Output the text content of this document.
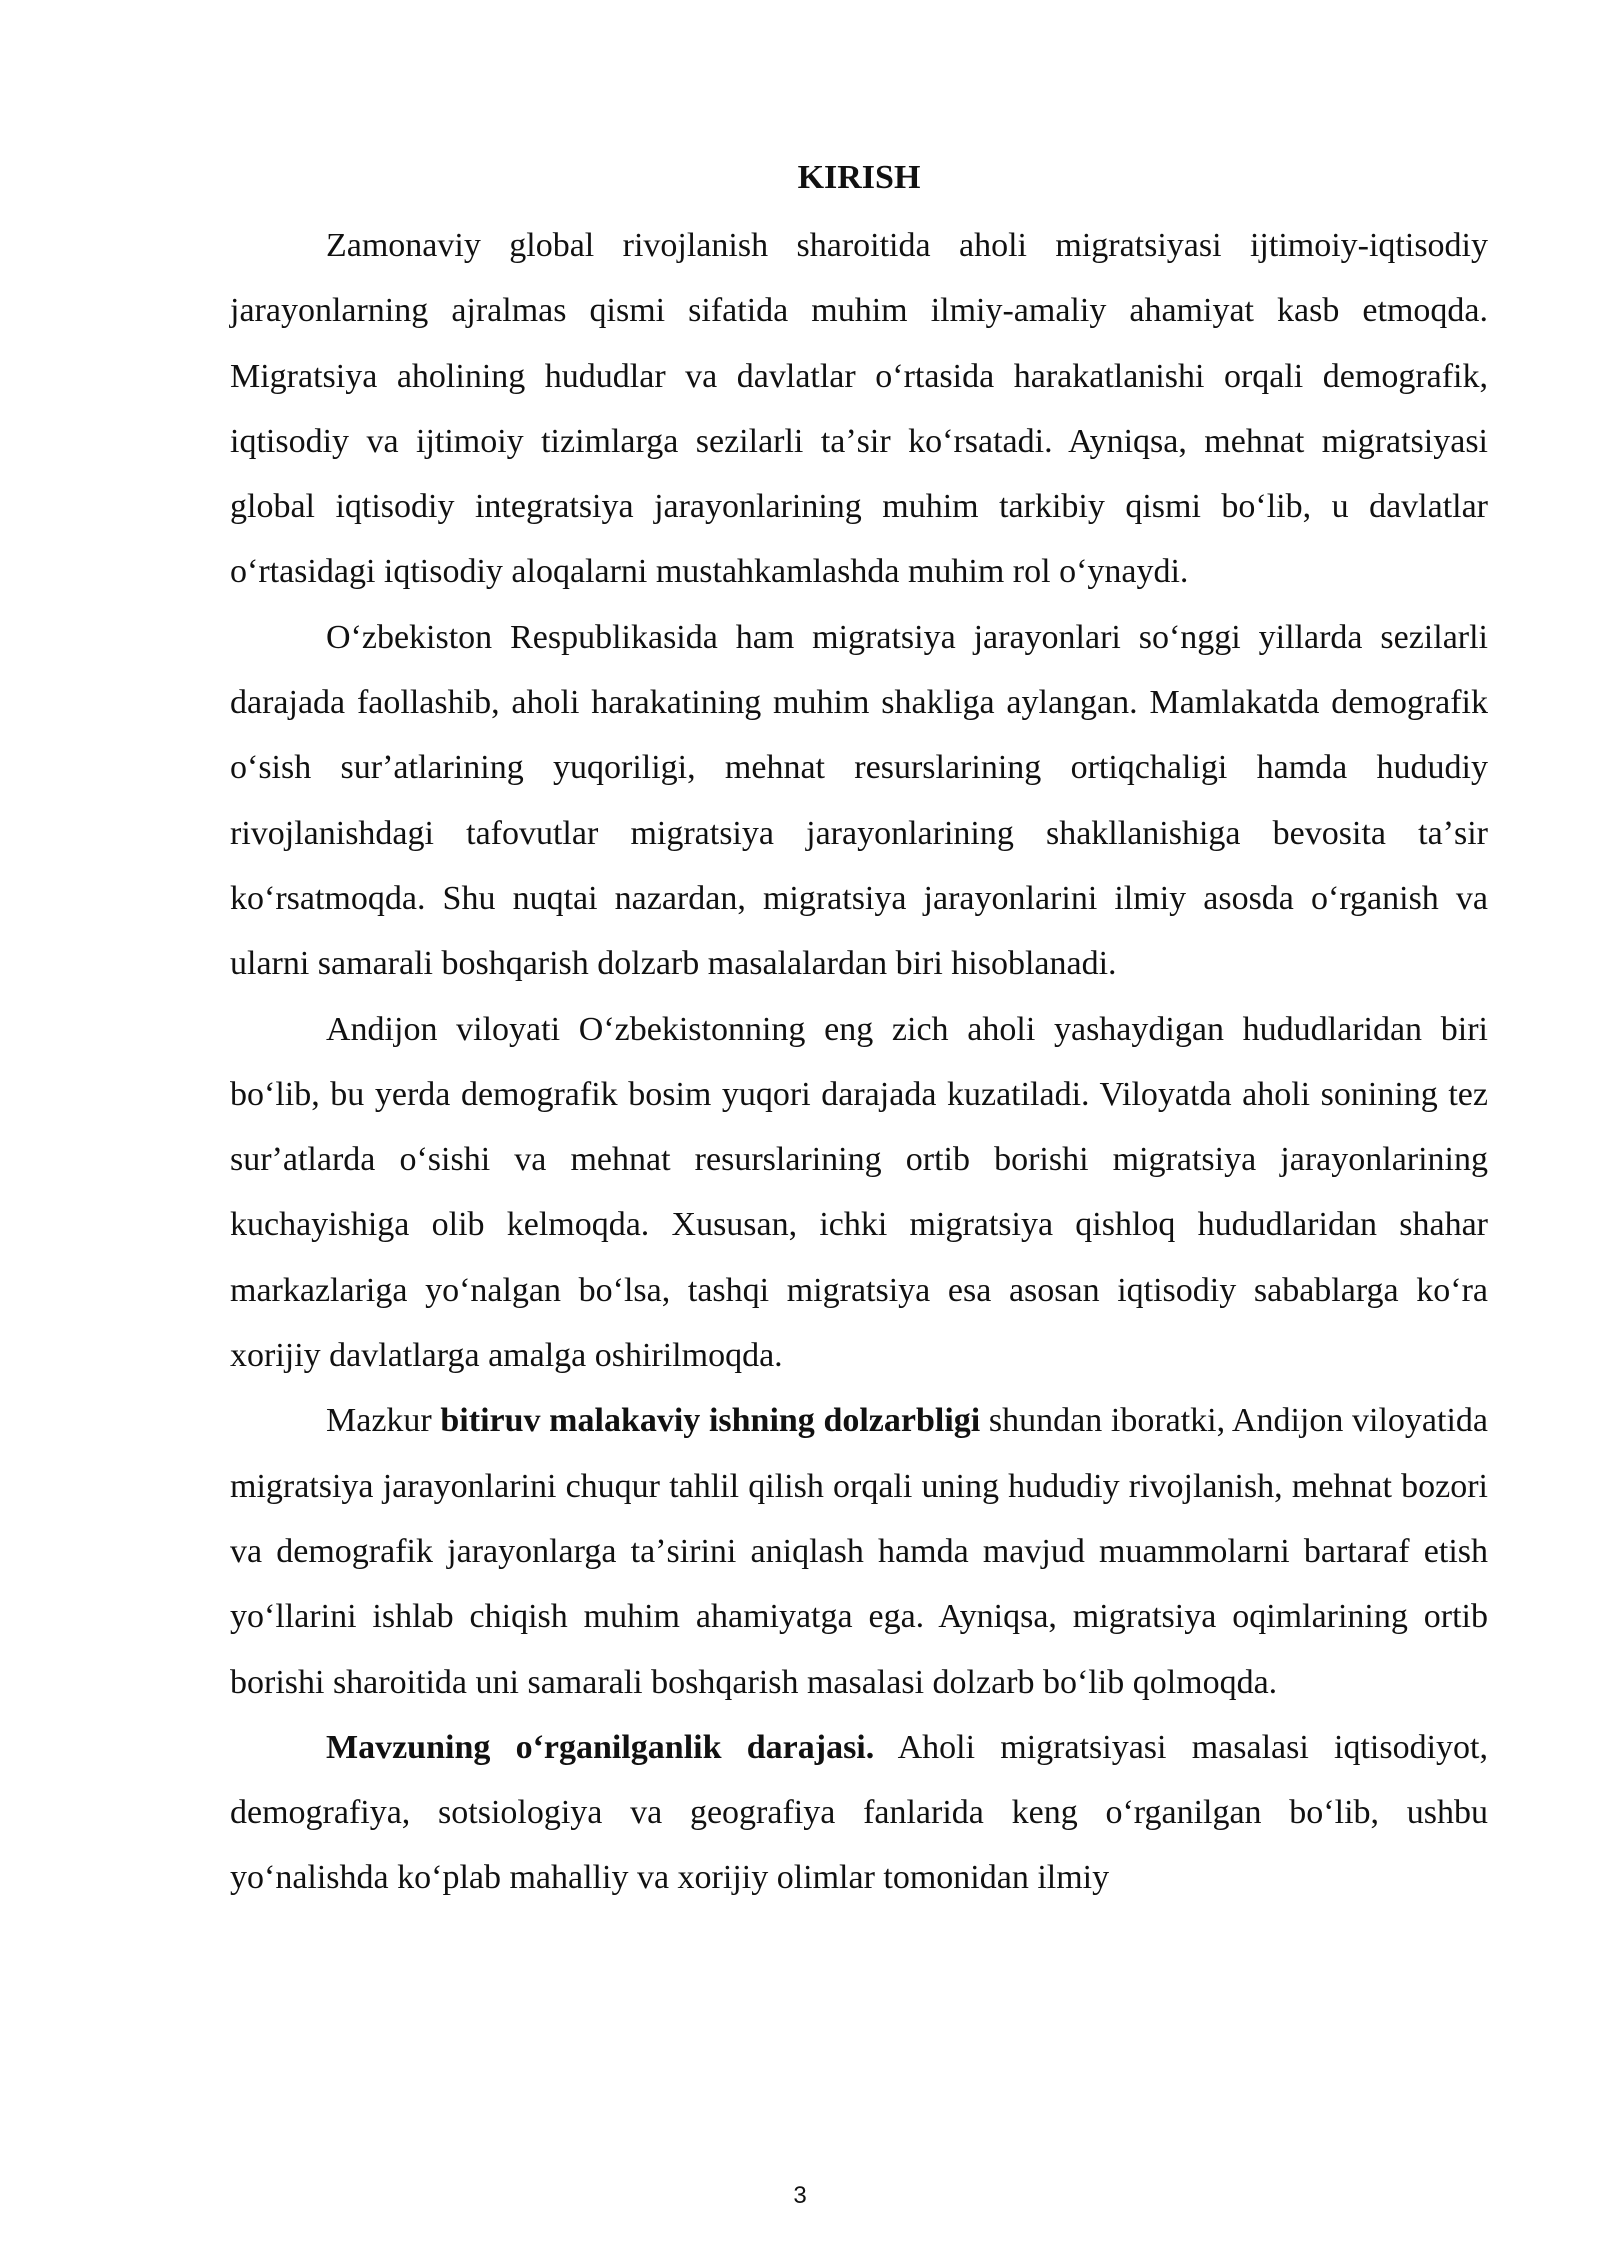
KIRISH

Zamonaviy global rivojlanish sharoitida aholi migratsiyasi ijtimoiy-iqtisodiy jarayonlarning ajralmas qismi sifatida muhim ilmiy-amaliy ahamiyat kasb etmoqda. Migratsiya aholining hududlar va davlatlar oʻrtasida harakatlanishi orqali demografik, iqtisodiy va ijtimoiy tizimlarga sezilarli taʼsir koʻrsatadi. Ayniqsa, mehnat migratsiyasi global iqtisodiy integratsiya jarayonlarining muhim tarkibiy qismi boʻlib, u davlatlar oʻrtasidagi iqtisodiy aloqalarni mustahkamlashda muhim rol oʻynaydi.

Oʻzbekiston Respublikasida ham migratsiya jarayonlari soʻnggi yillarda sezilarli darajada faollashib, aholi harakatining muhim shakliga aylangan. Mamlakatda demografik oʻsish surʼatlarining yuqoriligi, mehnat resurslarining ortiqchaligi hamda hududiy rivojlanishdagi tafovutlar migratsiya jarayonlarining shakllanishiga bevosita taʼsir koʻrsatmoqda. Shu nuqtai nazardan, migratsiya jarayonlarini ilmiy asosda oʻrganish va ularni samarali boshqarish dolzarb masalalardan biri hisoblanadi.

Andijon viloyati Oʻzbekistonning eng zich aholi yashaydigan hududlaridan biri boʻlib, bu yerda demografik bosim yuqori darajada kuzatiladi. Viloyatda aholi sonining tez surʼatlarda oʻsishi va mehnat resurslarining ortib borishi migratsiya jarayonlarining kuchayishiga olib kelmoqda. Xususan, ichki migratsiya qishloq hududlaridan shahar markazlariga yoʻnalgan boʻlsa, tashqi migratsiya esa asosan iqtisodiy sabablarga koʻra xorijiy davlatlarga amalga oshirilmoqda.

Mazkur bitiruv malakaviy ishning dolzarbligi shundan iboratki, Andijon viloyatida migratsiya jarayonlarini chuqur tahlil qilish orqali uning hududiy rivojlanish, mehnat bozori va demografik jarayonlarga taʼsirini aniqlash hamda mavjud muammolarni bartaraf etish yoʻllarini ishlab chiqish muhim ahamiyatga ega. Ayniqsa, migratsiya oqimlarining ortib borishi sharoitida uni samarali boshqarish masalasi dolzarb boʻlib qolmoqda.

Mavzuning oʻrganilganlik darajasi. Aholi migratsiyasi masalasi iqtisodiyot, demografiya, sotsiologiya va geografiya fanlarida keng oʻrganilgan boʻlib, ushbu yoʻnalishda koʻplab mahalliy va xorijiy olimlar tomonidan ilmiy

3
